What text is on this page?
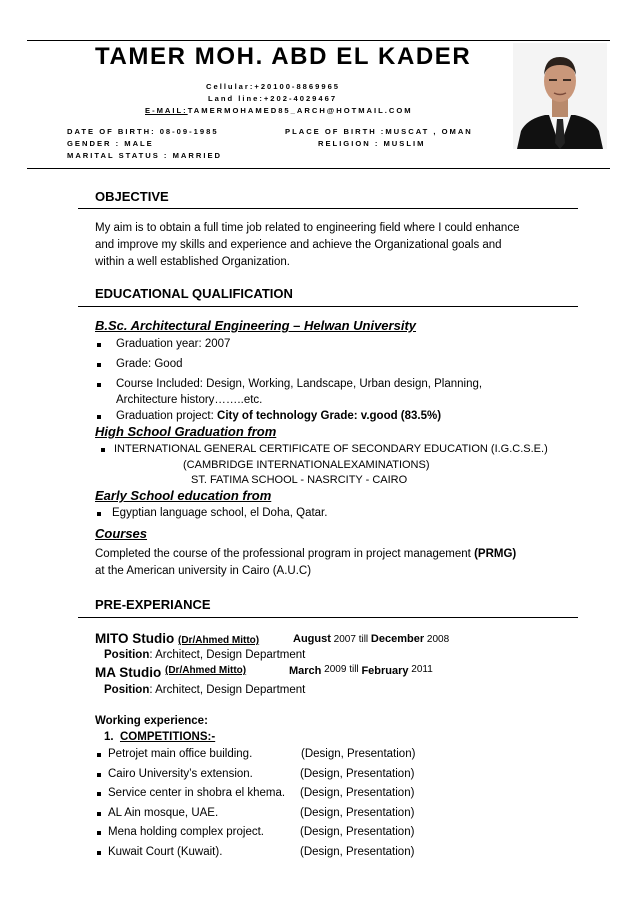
TAMER MOH. ABD EL KADER
Cellular:+20100-8869965
Land line:+202-4029467
E-MAIL:TAMERMOHAMED85_ARCH@HOTMAIL.COM
DATE OF BIRTH: 08-09-1985	PLACE OF BIRTH :MUSCAT , OMAN
GENDER : MALE	RELIGION : MUSLIM
MARITAL STATUS : MARRIED
OBJECTIVE
My aim is to obtain a full time job related to engineering field where I could enhance
and improve my skills and experience and achieve the Organizational goals and
within a well established Organization.
EDUCATIONAL QUALIFICATION
B.Sc. Architectural Engineering – Helwan University
Graduation year: 2007
Grade: Good
Course Included: Design, Working, Landscape, Urban design, Planning,
Architecture history……..etc.
Graduation project: City of technology Grade: v.good (83.5%)
High School Graduation from
INTERNATIONAL GENERAL CERTIFICATE OF SECONDARY EDUCATION (I.G.C.S.E.)
(CAMBRIDGE INTERNATIONALEXAMINATIONS)
ST. FATIMA SCHOOL - NASRCITY - CAIRO
Early School education from
Egyptian language school, el Doha, Qatar.
Courses
Completed the course of the professional program in project management (PRMG)
at the American university in Cairo (A.U.C)
PRE-EXPERIANCE
MITO Studio (Dr/Ahmed Mitto)	August 2007 till December 2008
Position: Architect, Design Department
MA Studio $^{(Dr/Ahmed Mitto)}$	March 2009 till February 2011
Position: Architect, Design Department
Working experience:
1. COMPETITIONS:-
Petrojet main office building.	(Design, Presentation)
Cairo University’s extension.	(Design, Presentation)
Service center in shobra el khema. (Design, Presentation)
AL Ain mosque, UAE.	(Design, Presentation)
Mena holding complex project.	(Design, Presentation)
Kuwait Court (Kuwait).	(Design, Presentation)
